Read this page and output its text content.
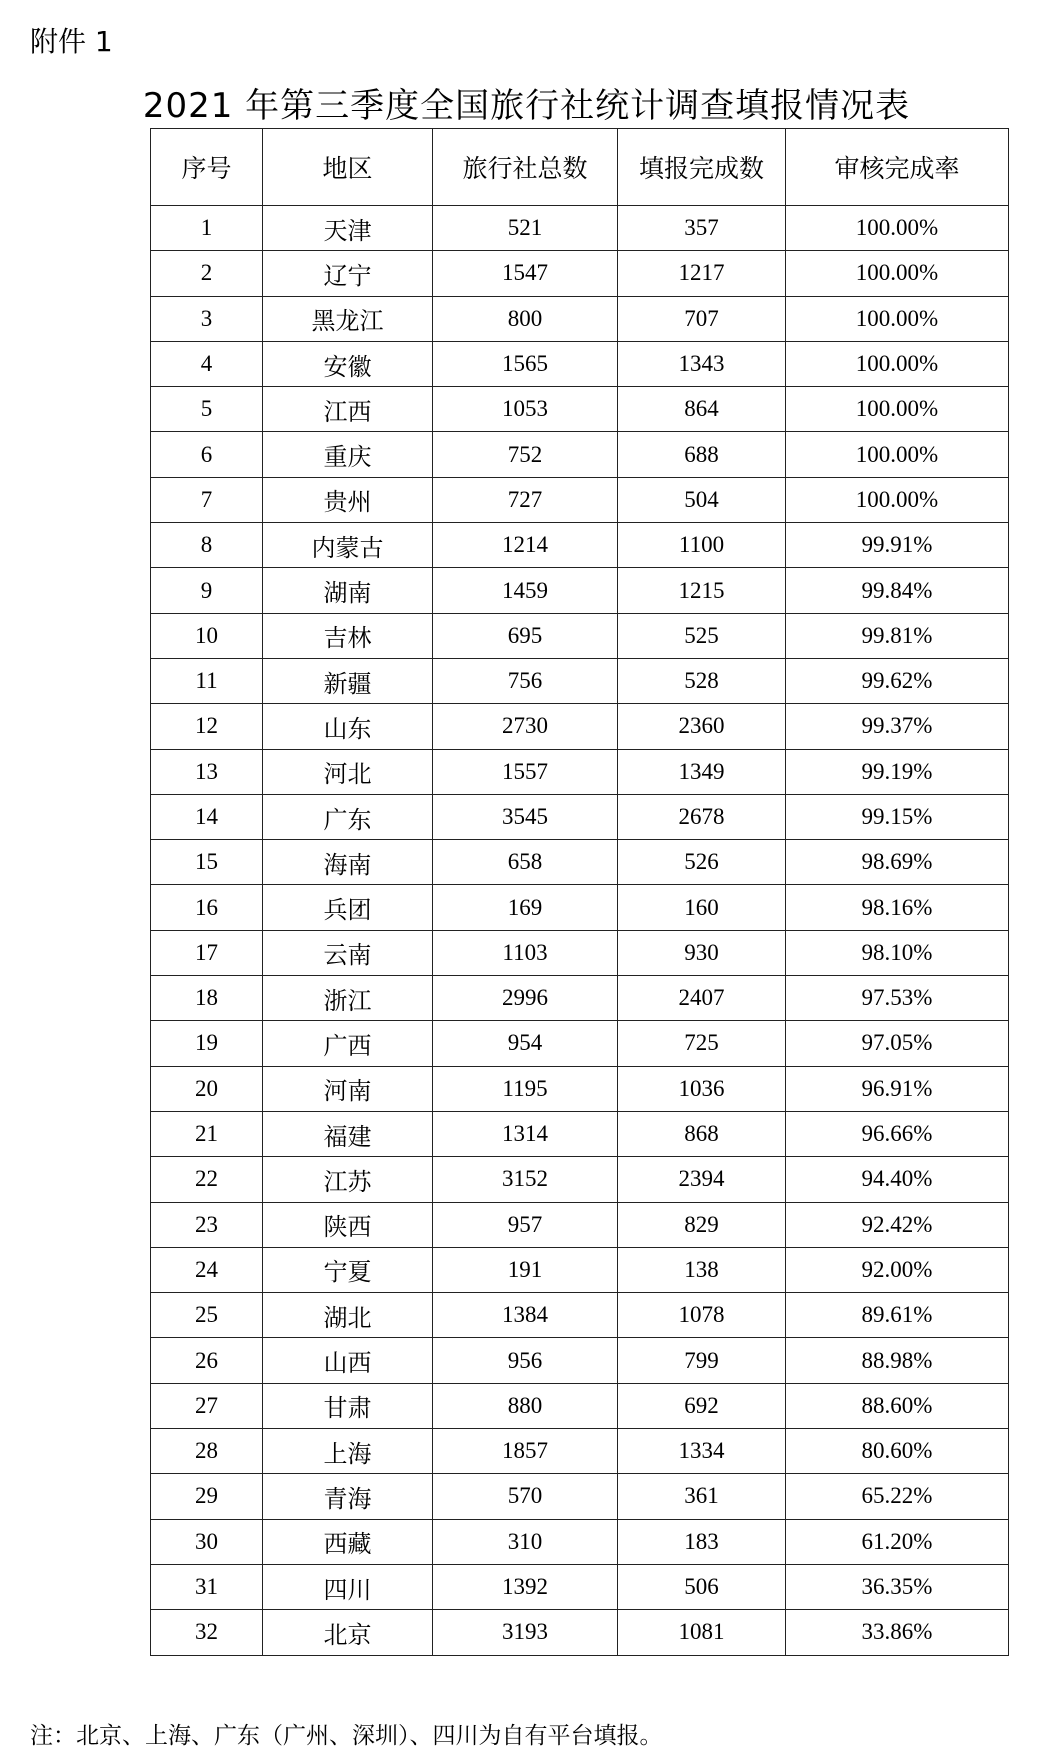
附件 1
2021 年第三季度全国旅行社统计调查填报情况表
序号	地区	旅行社总数	填报完成数	审核完成率
1	天津	521	357	100.00%
2	辽宁	1547	1217	100.00%
3	黑龙江	800	707	100.00%
4	安徽	1565	1343	100.00%
5	江西	1053	864	100.00%
6	重庆	752	688	100.00%
7	贵州	727	504	100.00%
8	内蒙古	1214	1100	99.91%
9	湖南	1459	1215	99.84%
10	吉林	695	525	99.81%
11	新疆	756	528	99.62%
12	山东	2730	2360	99.37%
13	河北	1557	1349	99.19%
14	广东	3545	2678	99.15%
15	海南	658	526	98.69%
16	兵团	169	160	98.16%
17	云南	1103	930	98.10%
18	浙江	2996	2407	97.53%
19	广西	954	725	97.05%
20	河南	1195	1036	96.91%
21	福建	1314	868	96.66%
22	江苏	3152	2394	94.40%
23	陕西	957	829	92.42%
24	宁夏	191	138	92.00%
25	湖北	1384	1078	89.61%
26	山西	956	799	88.98%
27	甘肃	880	692	88.60%
28	上海	1857	1334	80.60%
29	青海	570	361	65.22%
30	西藏	310	183	61.20%
31	四川	1392	506	36.35%
32	北京	3193	1081	33.86%
注：北京、上海、广东（广州、深圳）、四川为自有平台填报。
